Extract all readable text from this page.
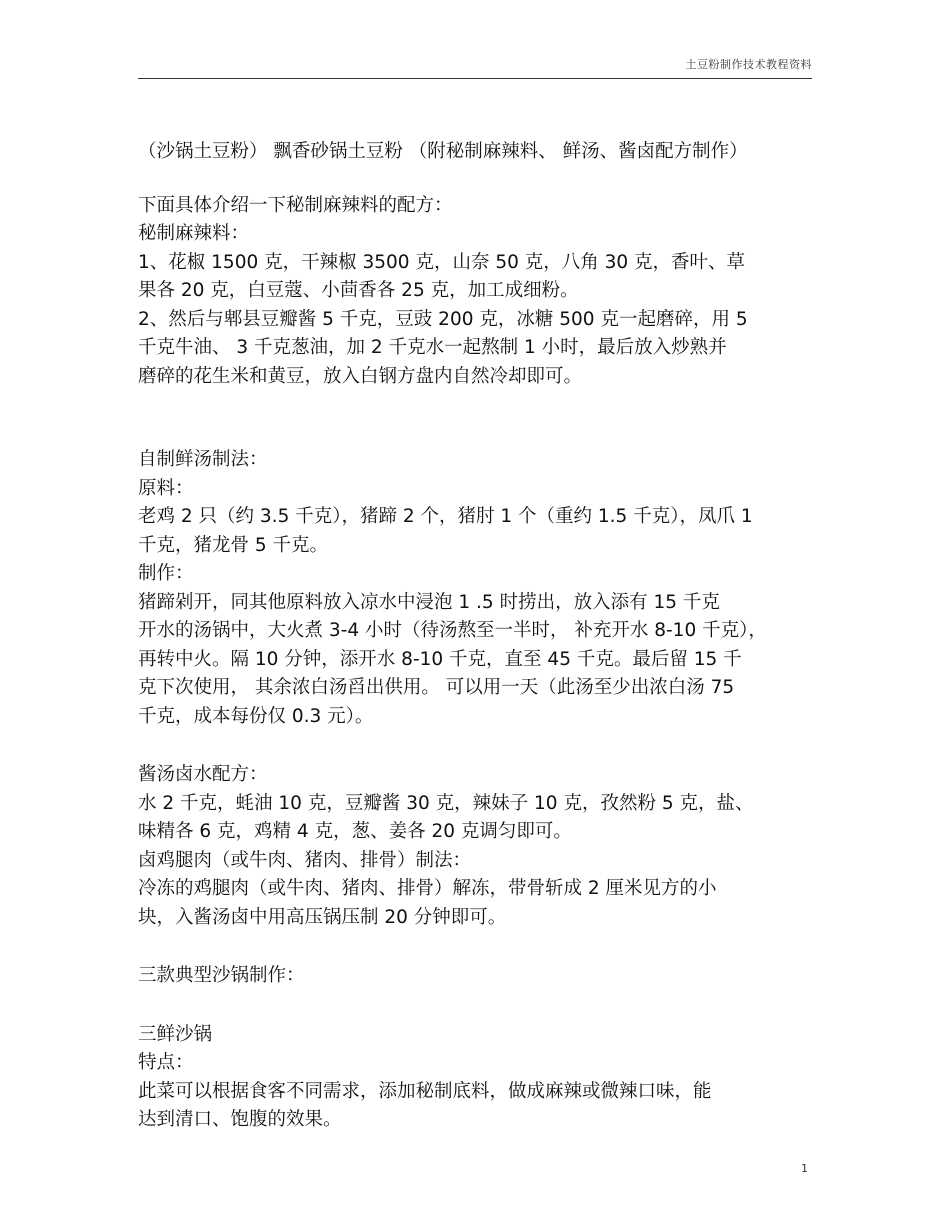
土豆粉制作技术教程资料

（沙锅土豆粉） 飘香砂锅土豆粉 （附秘制麻辣料、 鲜汤、酱卤配方制作）

下面具体介绍一下秘制麻辣料的配方：

秘制麻辣料：

1、花椒 1500 克，干辣椒 3500 克，山奈 50 克，八角 30 克，香叶、草

果各 20 克，白豆蔻、小茴香各 25 克，加工成细粉。

2、然后与郫县豆瓣酱 5 千克，豆豉 200 克，冰糖 500 克一起磨碎，用 5

千克牛油、 3 千克葱油，加 2 千克水一起熬制 1 小时，最后放入炒熟并

磨碎的花生米和黄豆，放入白钢方盘内自然冷却即可。

自制鲜汤制法：

原料：

老鸡 2 只（约 3.5 千克），猪蹄 2 个，猪肘 1 个（重约 1.5 千克），凤爪 1

千克，猪龙骨 5 千克。

制作：

猪蹄剁开，同其他原料放入凉水中浸泡 1 .5 时捞出，放入添有 15 千克

开水的汤锅中，大火煮 3-4 小时（待汤熬至一半时， 补充开水 8-10 千克），

再转中火。隔 10 分钟，添开水 8-10 千克，直至 45 千克。最后留 15 千

克下次使用， 其余浓白汤舀出供用。 可以用一天（此汤至少出浓白汤 75

千克，成本每份仅 0.3 元）。

酱汤卤水配方：

水 2 千克，蚝油 10 克，豆瓣酱 30 克，辣妹子 10 克，孜然粉 5 克，盐、

味精各 6 克，鸡精 4 克，葱、姜各 20 克调匀即可。

卤鸡腿肉（或牛肉、猪肉、排骨）制法：

冷冻的鸡腿肉（或牛肉、猪肉、排骨）解冻，带骨斩成 2 厘米见方的小

块，入酱汤卤中用高压锅压制 20 分钟即可。

三款典型沙锅制作：

三鲜沙锅

特点：

此菜可以根据食客不同需求，添加秘制底料，做成麻辣或微辣口味，能

达到清口、饱腹的效果。

1
